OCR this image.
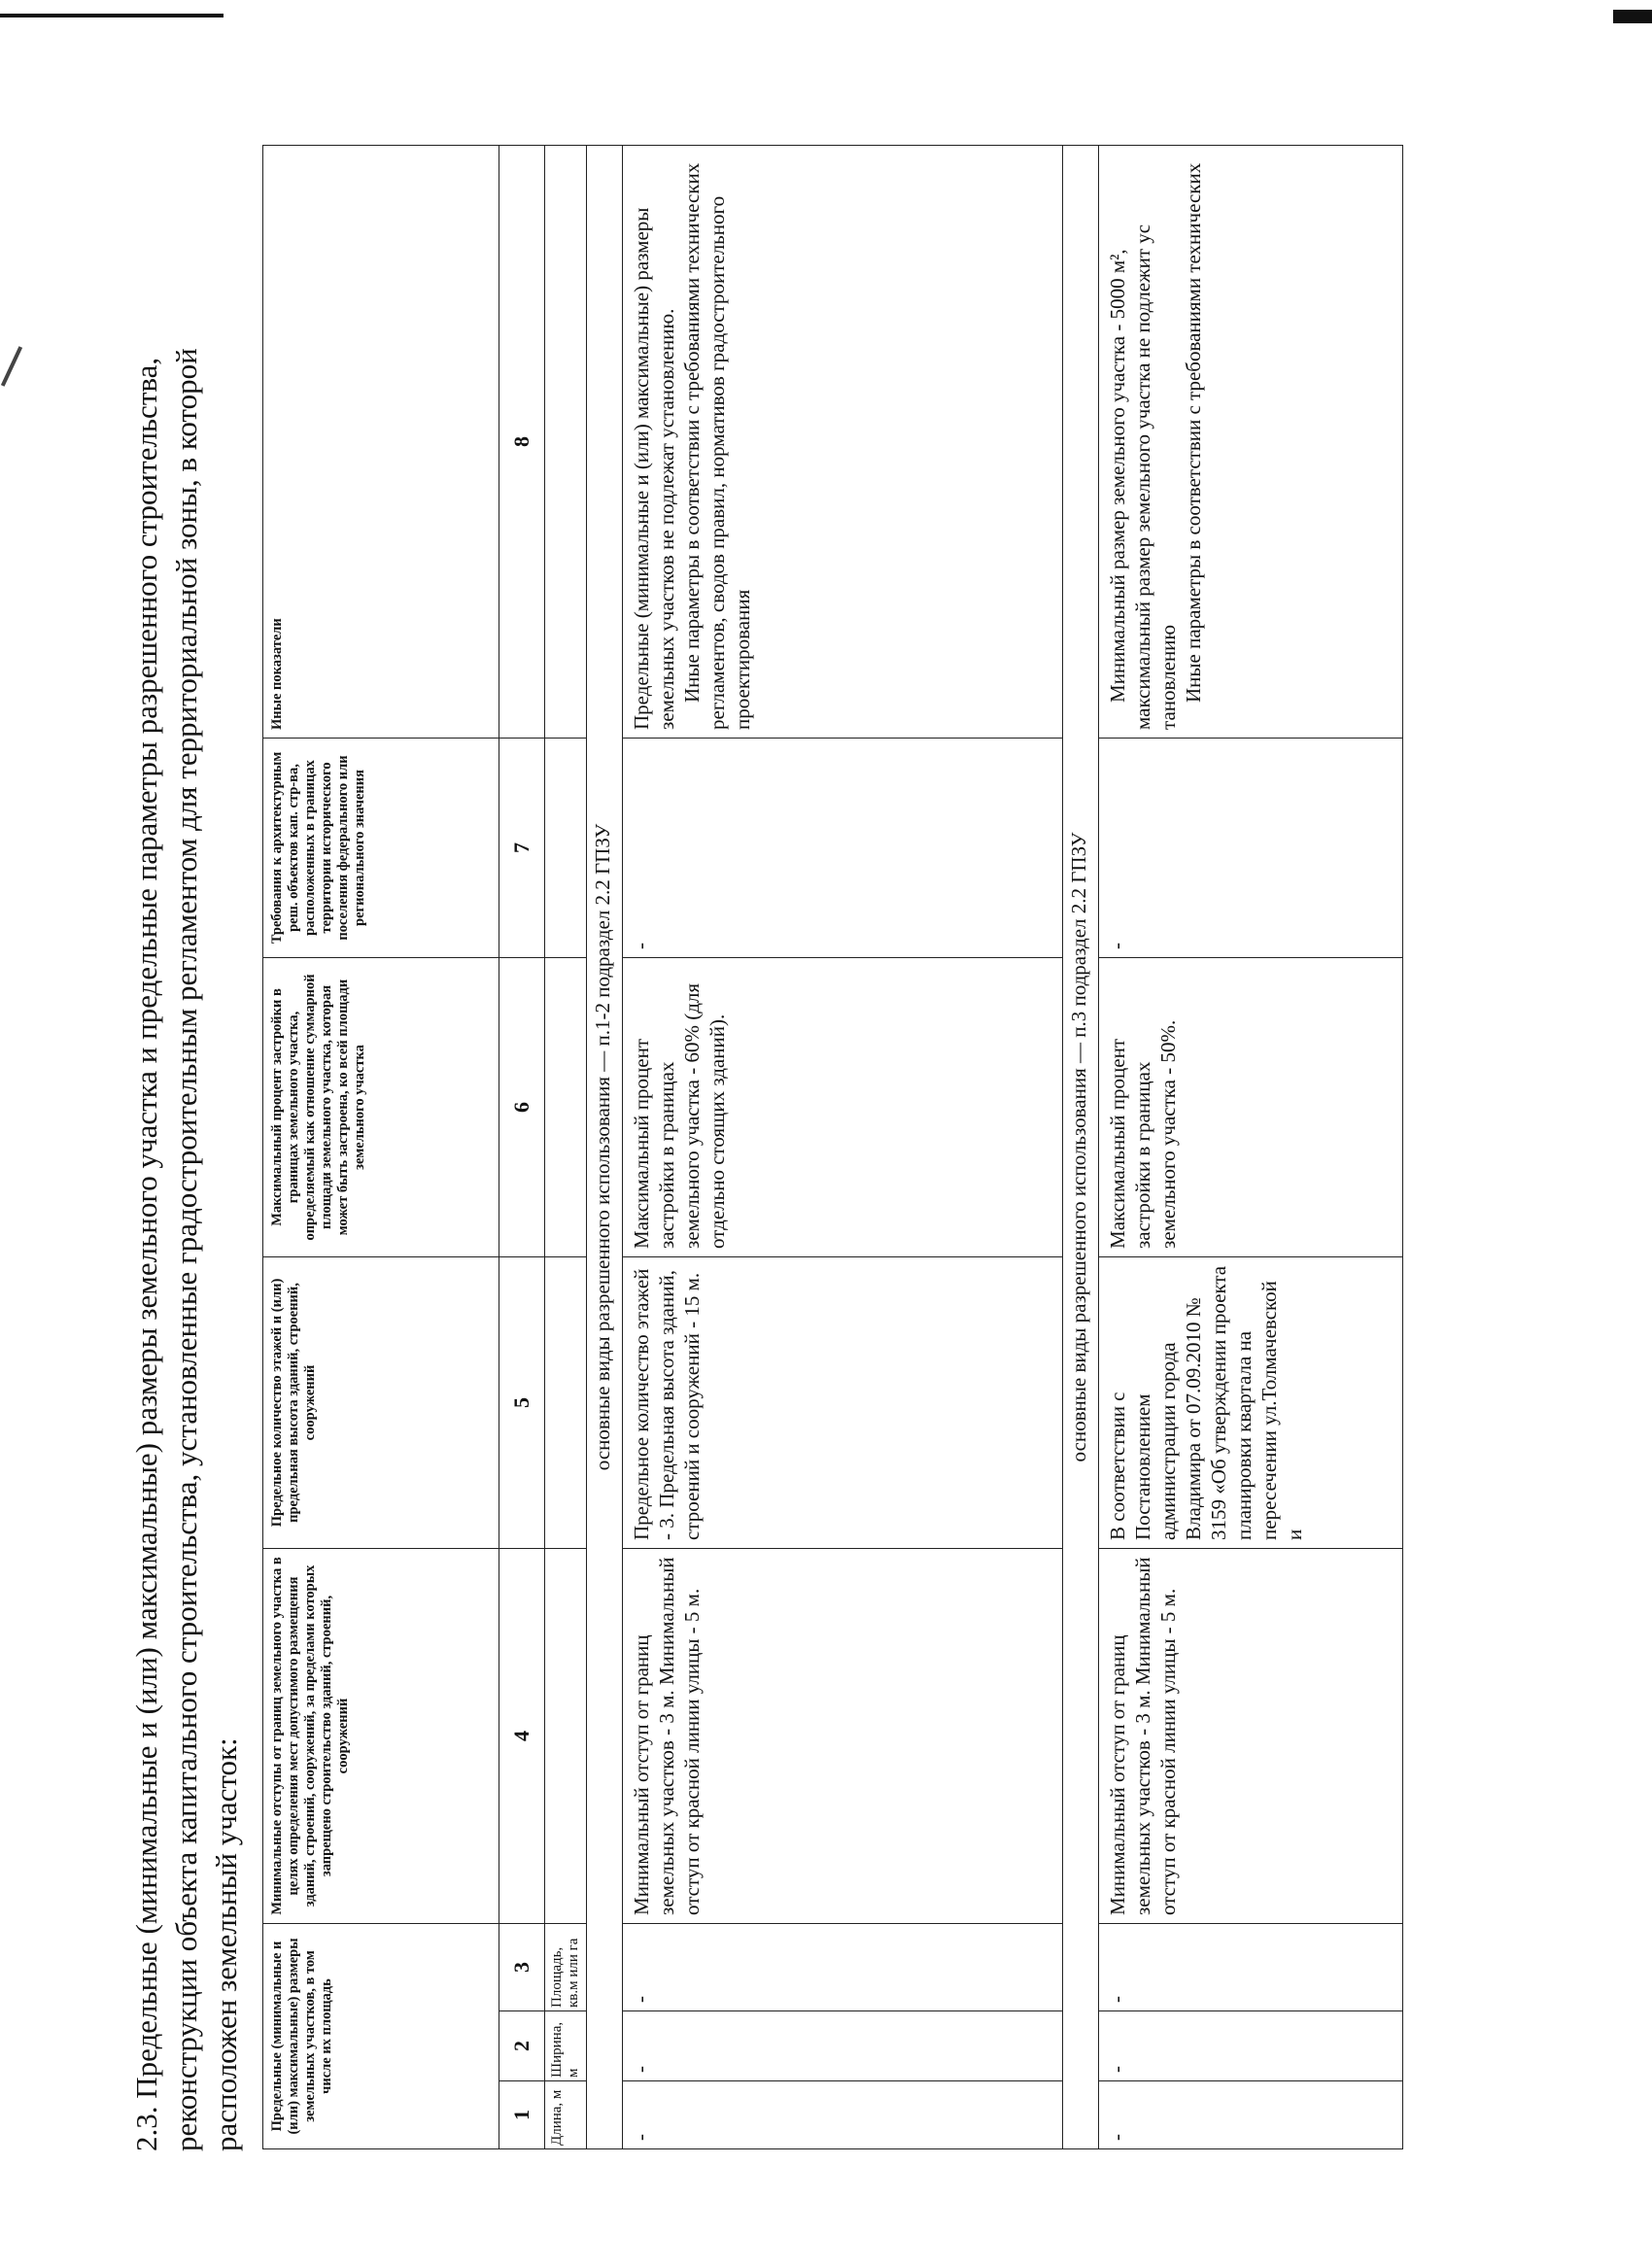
2.3. Предельные (минимальные и (или) максимальные) размеры земельного участка и предельные параметры разрешенного строительства, реконструкции объекта капитального строительства, установленные градостроительным регламентом для территориальной зоны, в которой расположен земельный участок: Предельные (минимальные и (или) максимальные) размеры земельных участков, в том числе их площадь			Минимальные отступы от границ земельного участка в целях определения мест допустимого размещения зданий, строений, сооружений, за пределами которых запрещено строительство зданий, строений, сооружений	Предельное количество этажей и (или) предельная высота зданий, строений, сооружений	Максимальный процент застройки в границах земельного участка, определяемый как отношение суммарной площади земельного участка, которая может быть застроена, ко всей площади земельного участка	Требования к архитектурным реш. объектов кап. стр-ва, расположенных в границах территории исторического поселения федерального или регионального значения	Иные показатели
1	2	3	4	5	6	7	8
Длина, м	Ширина, м	Площадь, кв.м или га					
основные виды разрешенного использования — п.1-2 подраздел 2.2 ГПЗУ							
-	-	-	Минимальный отступ от границ земельных участков - 3 м. Минимальный отступ от красной линии улицы - 5 м.	Предельное количество этажей - 3. Предельная высота зданий, строений и сооружений - 15 м.	Максимальный процент застройки в границах земельного участка - 60% (для отдельно стоящих зданий).	-	Предельные (минимальные и (или) максимальные) размеры земельных участков не подлежат установлению. Иные параметры в соответствии с требованиями технических регламентов, сводов правил, нормативов градостроительного проектирования

основные виды разрешенного использования — п.3 подраздел 2.2 ГПЗУ							
-	-	-	Минимальный отступ от границ земельных участков - 3 м. Минимальный отступ от красной линии улицы - 5 м.	В соответствии с Постановлением администрации города Владимира от 07.09.2010 № 3159 «Об утверждении проекта планировки квартала на пересечении ул.Толмачевской и	Максимальный процент застройки в границах земельного участка - 50%.	-	Минимальный размер земельного участка - 5000 м², максимальный размер земельного участка не подлежит ус тановлению Иные параметры в соответствии с требованиями технических
